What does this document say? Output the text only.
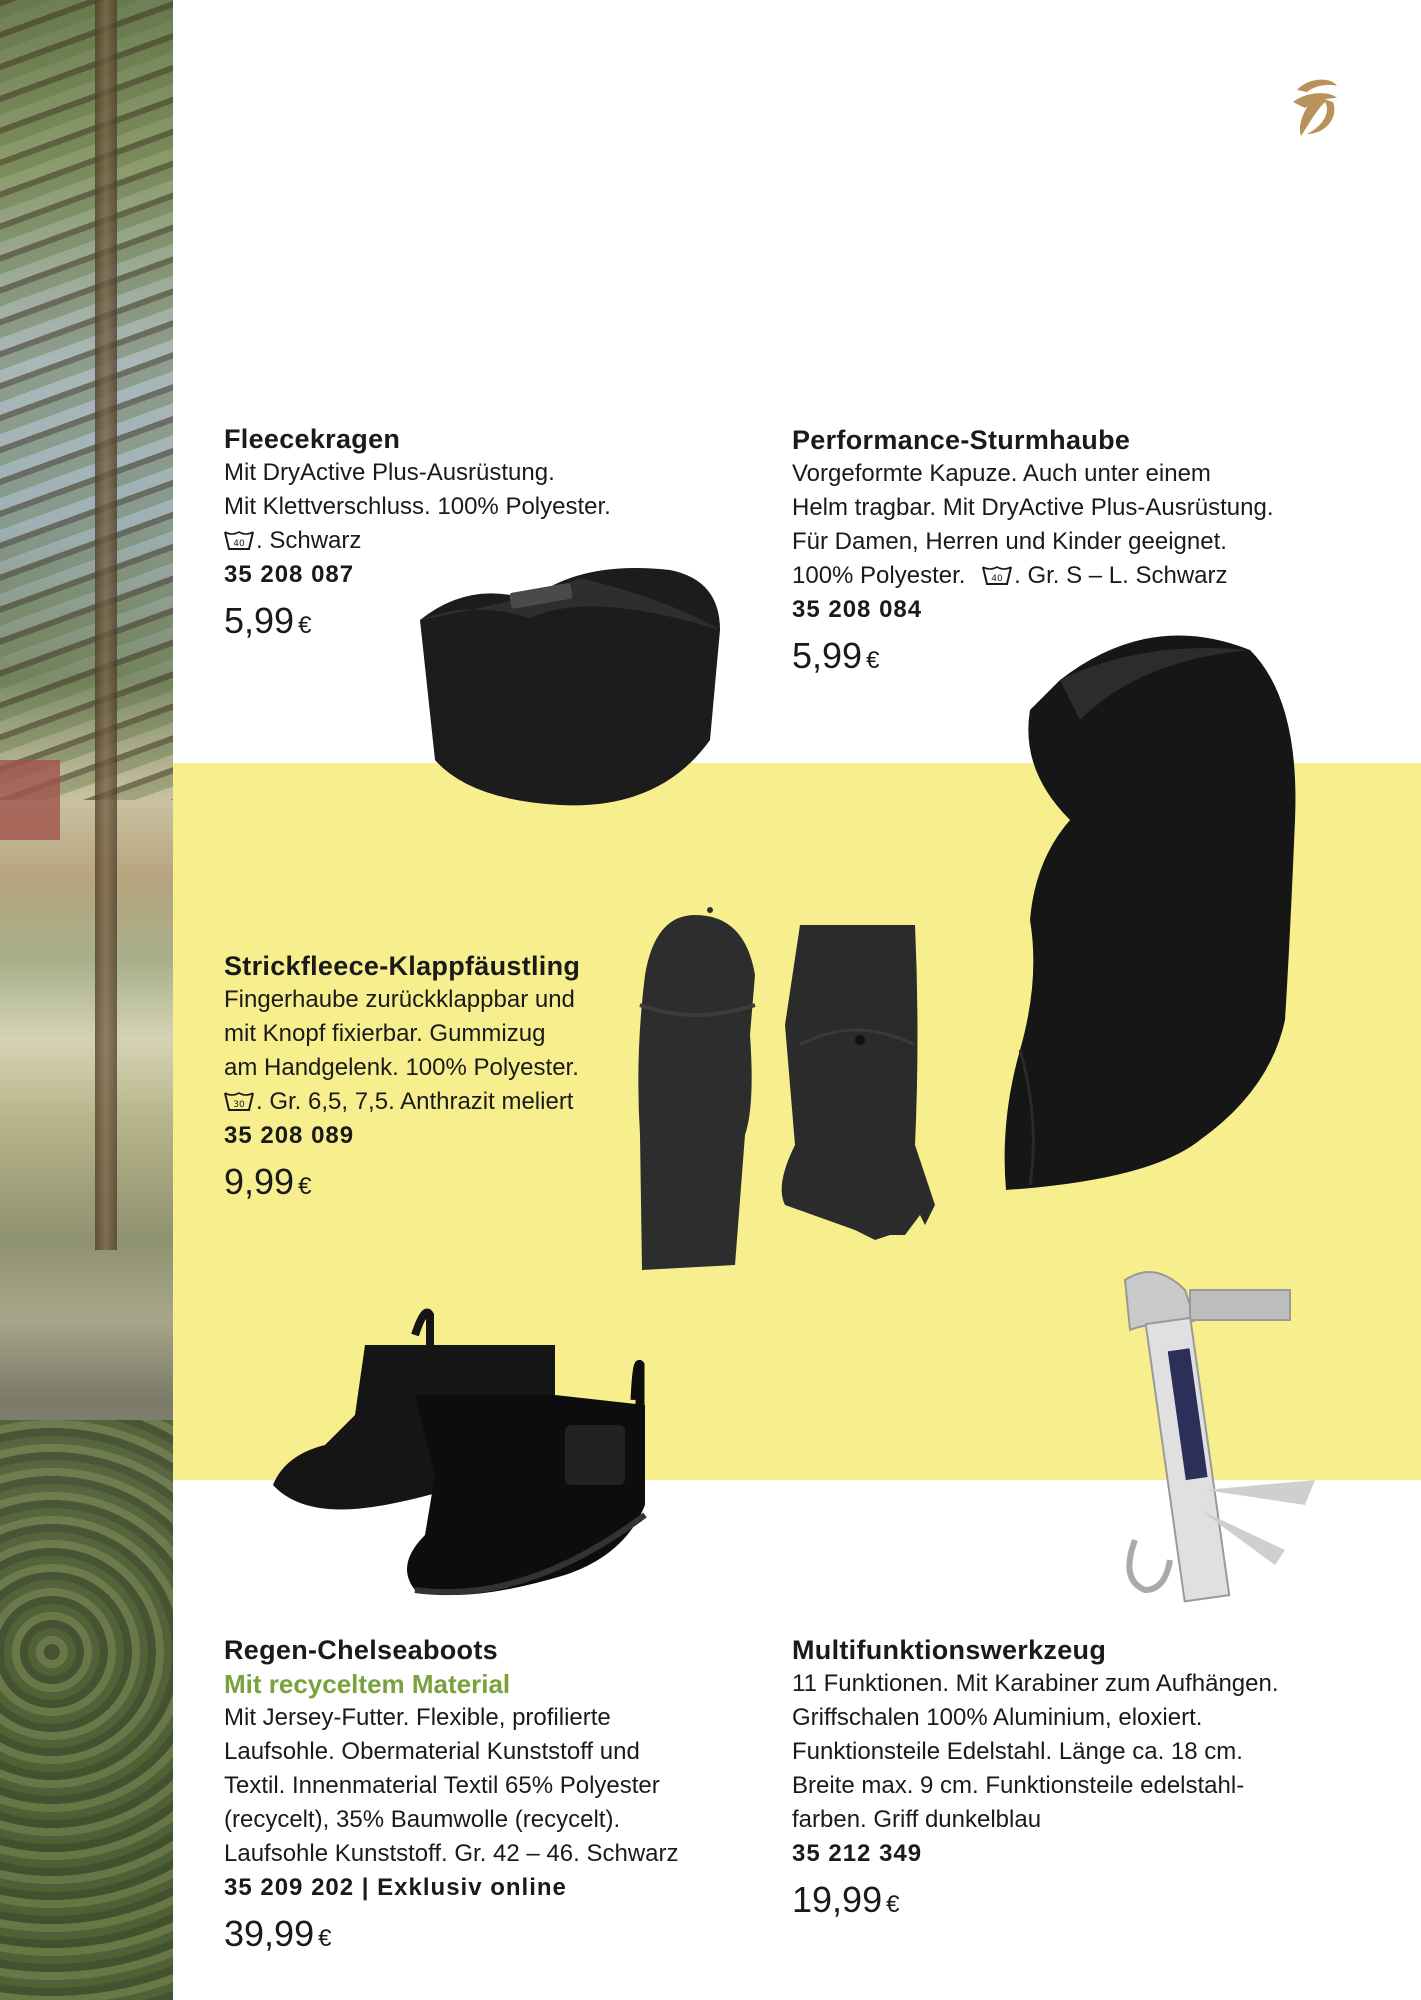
Fleecekragen
Mit DryActive Plus-Ausrüstung.
Mit Klettverschluss. 100% Polyester.
40 . Schwarz
35 208 087
5,99 €
Performance-Sturmhaube
Vorgeformte Kapuze. Auch unter einem
Helm tragbar. Mit DryActive Plus-Ausrüstung.
Für Damen, Herren und Kinder geeignet.
100% Polyester.	40 . Gr. S – L. Schwarz
35 208 084
5,99 €
Strickfleece-Klappfäustling
Fingerhaube zurückklappbar und
mit Knopf fixierbar. Gummizug
am Handgelenk. 100% Polyester.
30 . Gr. 6,5, 7,5. Anthrazit meliert
35 208 089
9,99 €
Regen-Chelseaboots
Mit recyceltem Material
Mit Jersey-Futter. Flexible, profilierte
Laufsohle. Obermaterial Kunststoff und
Textil. Innenmaterial Textil 65% Polyester
(recycelt), 35% Baumwolle (recycelt).
Laufsohle Kunststoff. Gr. 42 – 46. Schwarz
35 209 202 | Exklusiv online
39,99 €
Multifunktionswerkzeug
11 Funktionen. Mit Karabiner zum Aufhängen.
Griffschalen 100% Aluminium, eloxiert.
Funktionsteile Edelstahl. Länge ca. 18 cm.
Breite max. 9 cm. Funktionsteile edelstahl-
farben. Griff dunkelblau
35 212 349
19,99 €
